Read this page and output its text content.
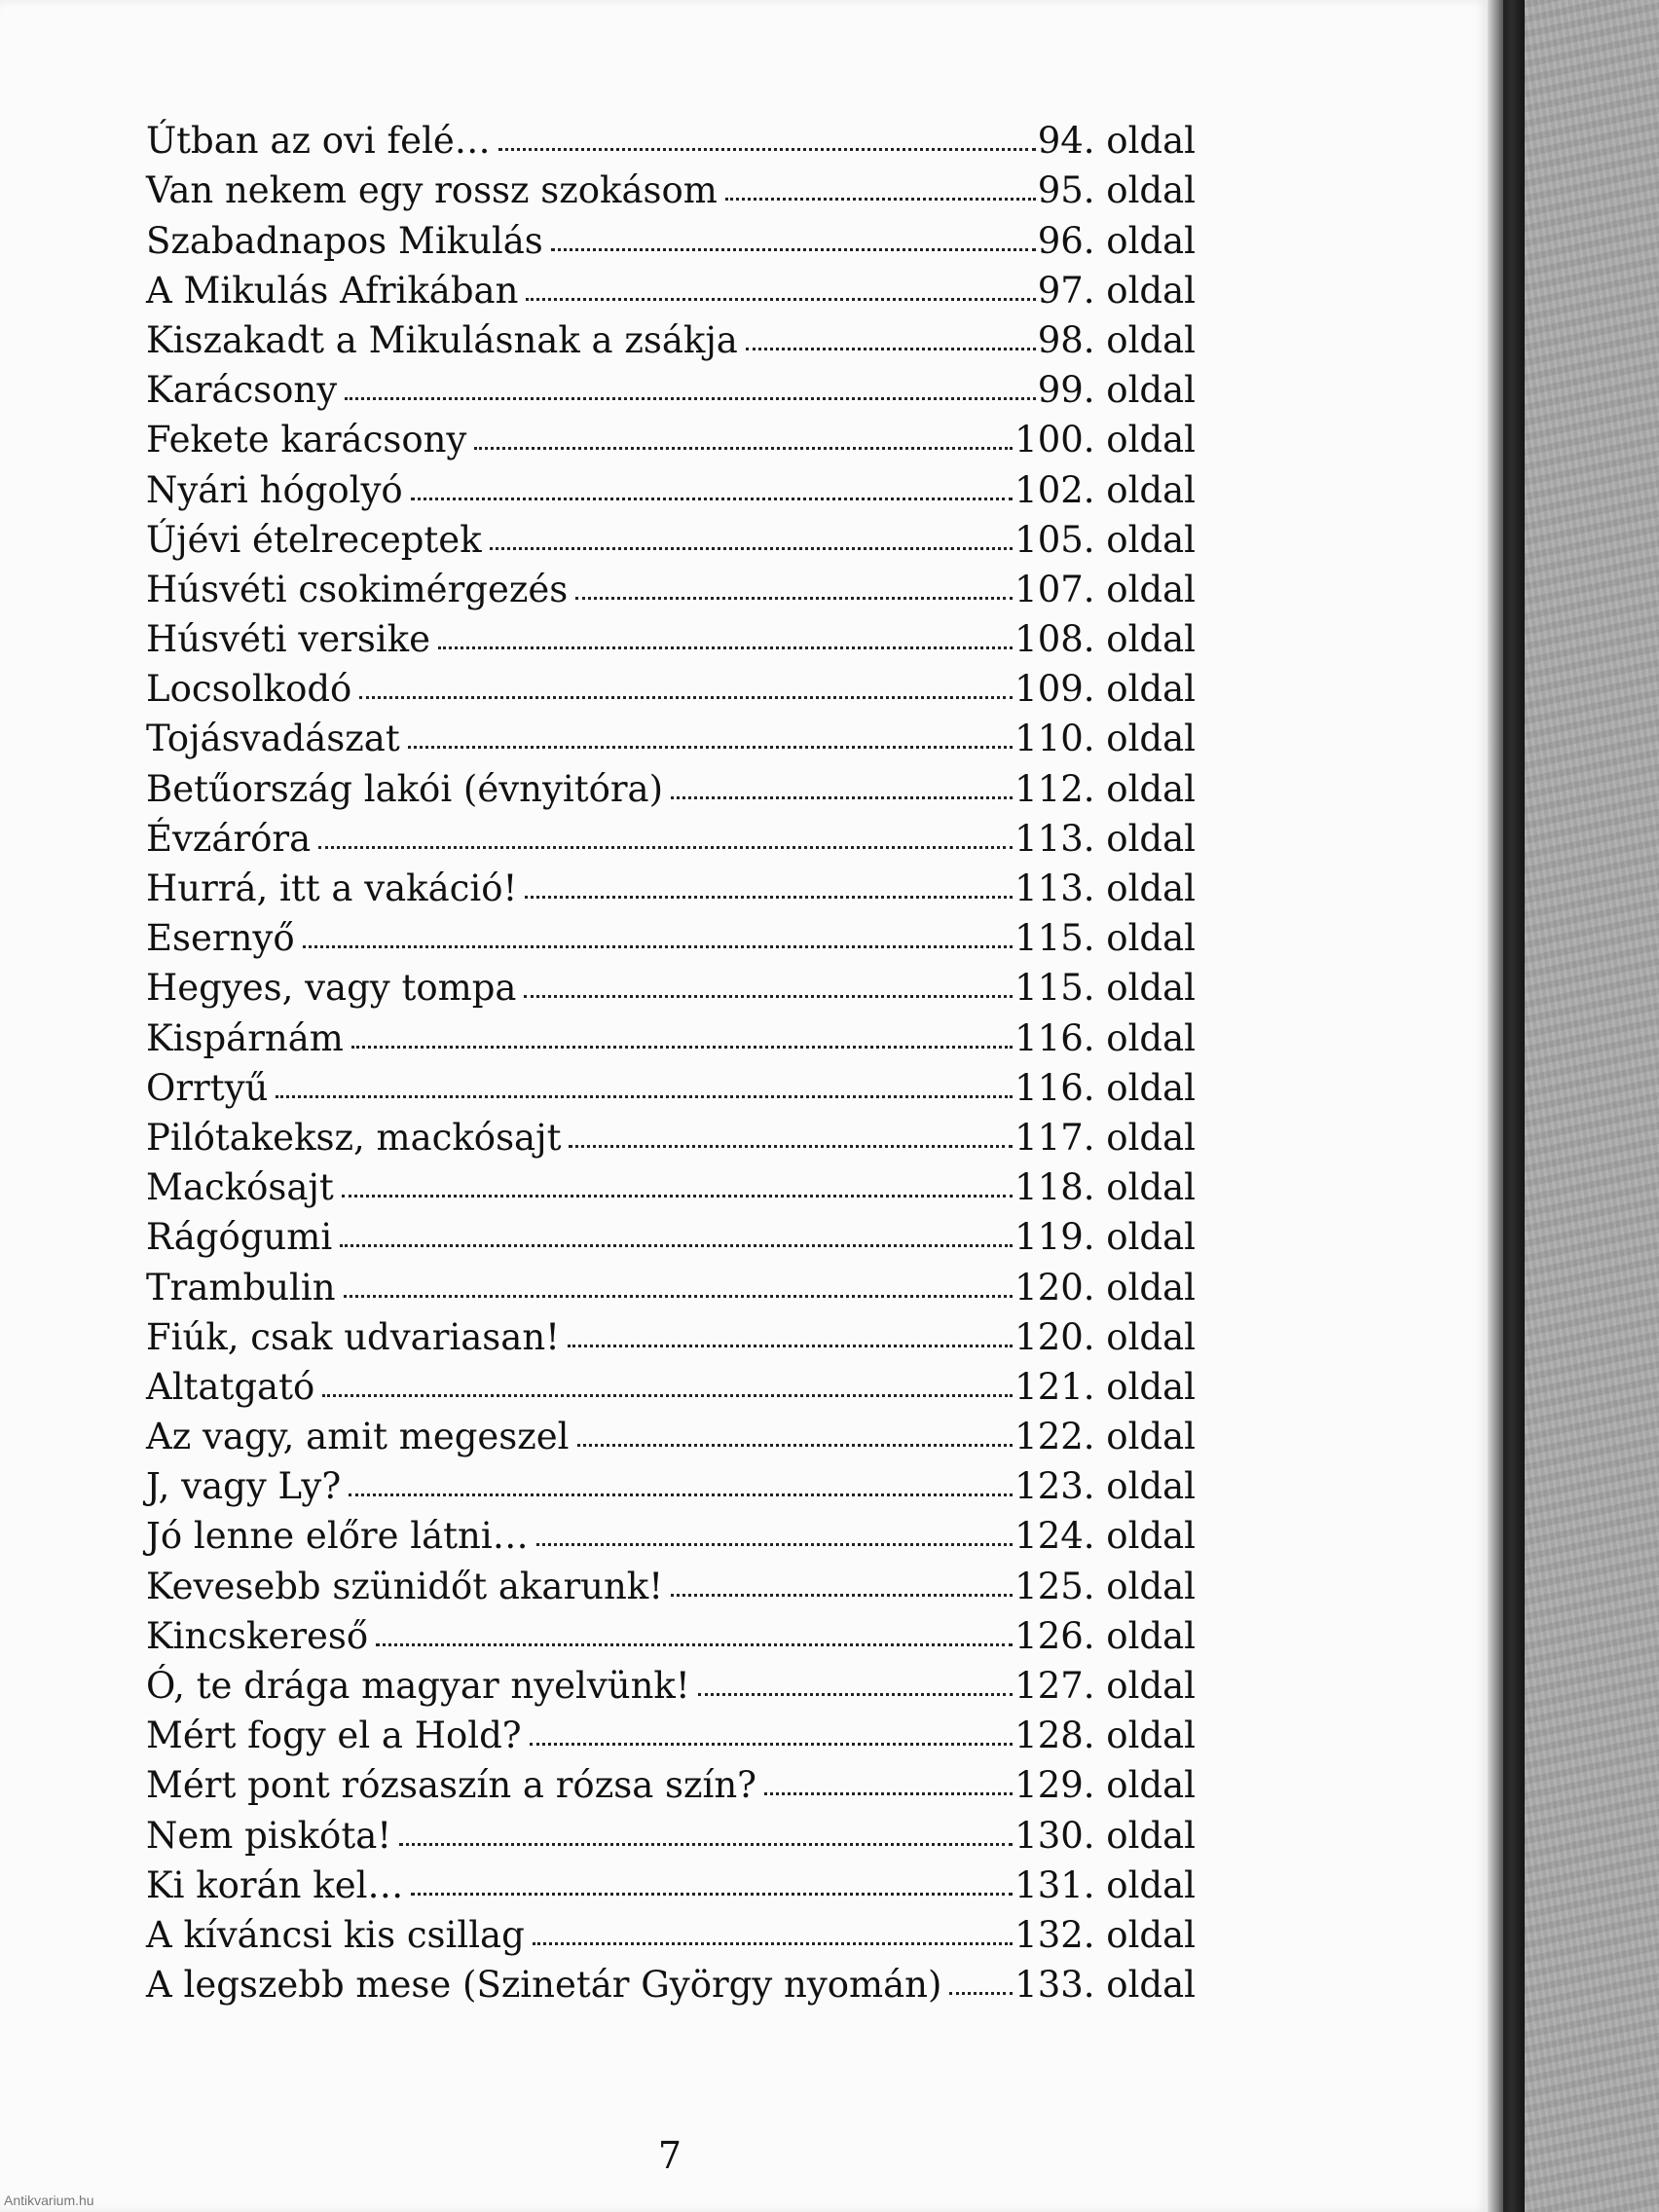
Útban az ovi felé…	94. oldal
Van nekem egy rossz szokásom	95. oldal
Szabadnapos Mikulás	96. oldal
A Mikulás Afrikában	97. oldal
Kiszakadt a Mikulásnak a zsákja	98. oldal
Karácsony	99. oldal
Fekete karácsony	100. oldal
Nyári hógolyó	102. oldal
Újévi ételreceptek	105. oldal
Húsvéti csokimérgezés	107. oldal
Húsvéti versike	108. oldal
Locsolkodó	109. oldal
Tojásvadászat	110. oldal
Betűország lakói (évnyitóra)	112. oldal
Évzáróra	113. oldal
Hurrá, itt a vakáció!	113. oldal
Esernyő	115. oldal
Hegyes, vagy tompa	115. oldal
Kispárnám	116. oldal
Orrtyű	116. oldal
Pilótakeksz, mackósajt	117. oldal
Mackósajt	118. oldal
Rágógumi	119. oldal
Trambulin	120. oldal
Fiúk, csak udvariasan!	120. oldal
Altatgató	121. oldal
Az vagy, amit megeszel	122. oldal
J, vagy Ly?	123. oldal
Jó lenne előre látni…	124. oldal
Kevesebb szünidőt akarunk!	125. oldal
Kincskereső	126. oldal
Ó, te drága magyar nyelvünk!	127. oldal
Mért fogy el a Hold?	128. oldal
Mért pont rózsaszín a rózsa szín?	129. oldal
Nem piskóta!	130. oldal
Ki korán kel…	131. oldal
A kíváncsi kis csillag	132. oldal
A legszebb mese (Szinetár György nyomán) 133. oldal
7
Antikvarium.hu
